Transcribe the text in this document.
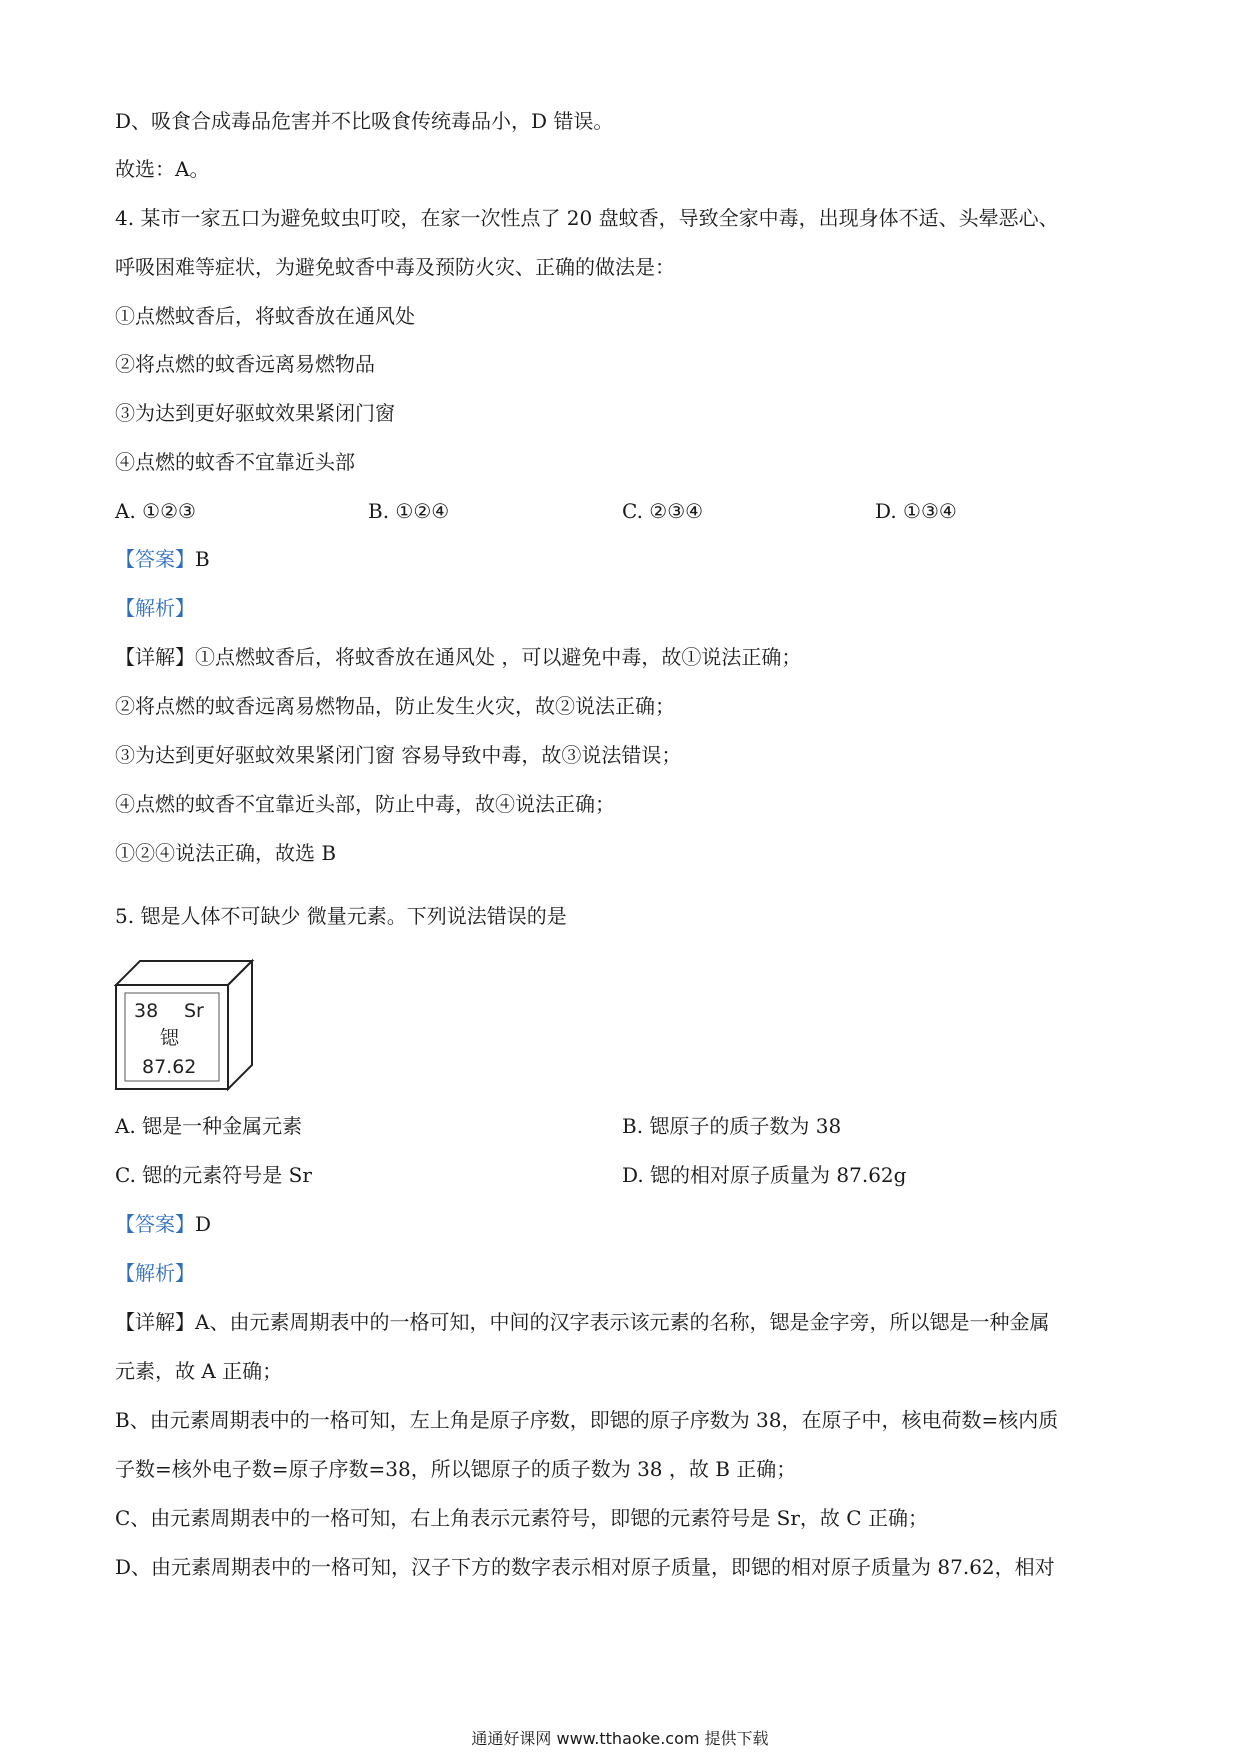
D、吸食合成毒品危害并不比吸食传统毒品小，D 错误。
故选：A。
4. 某市一家五口为避免蚊虫叮咬，在家一次性点了 20 盘蚊香，导致全家中毒，出现身体不适、头晕恶心、
呼吸困难等症状，为避免蚊香中毒及预防火灾、正确的做法是：
①点燃蚊香后，将蚊香放在通风处
②将点燃的蚊香远离易燃物品
③为达到更好驱蚊效果紧闭门窗
④点燃的蚊香不宜靠近头部
A. ①②③	B. ①②④	C. ②③④	D. ①③④
【答案】B
【解析】
【详解】①点燃蚊香后，将蚊香放在通风处 ，可以避免中毒，故①说法正确；
②将点燃的蚊香远离易燃物品，防止发生火灾，故②说法正确；
③为达到更好驱蚊效果紧闭门窗 容易导致中毒，故③说法错误；
④点燃的蚊香不宜靠近头部，防止中毒，故④说法正确；
①②④说法正确，故选 B
5. 锶是人体不可缺少 微量元素。下列说法错误的是
38 Sr
锶
87.62
A. 锶是一种金属元素	B. 锶原子的质子数为 38
C. 锶的元素符号是 Sr	D. 锶的相对原子质量为 87.62g
【答案】D
【解析】
【详解】A、由元素周期表中的一格可知，中间的汉字表示该元素的名称，锶是金字旁，所以锶是一种金属
元素，故 A 正确；
B、由元素周期表中的一格可知，左上角是原子序数，即锶的原子序数为 38，在原子中，核电荷数=核内质
子数=核外电子数=原子序数=38，所以锶原子的质子数为 38 ，故 B 正确；
C、由元素周期表中的一格可知，右上角表示元素符号，即锶的元素符号是 Sr，故 C 正确；
D、由元素周期表中的一格可知，汉子下方的数字表示相对原子质量，即锶的相对原子质量为 87.62，相对
通通好课网 www.tthaoke.com 提供下载
